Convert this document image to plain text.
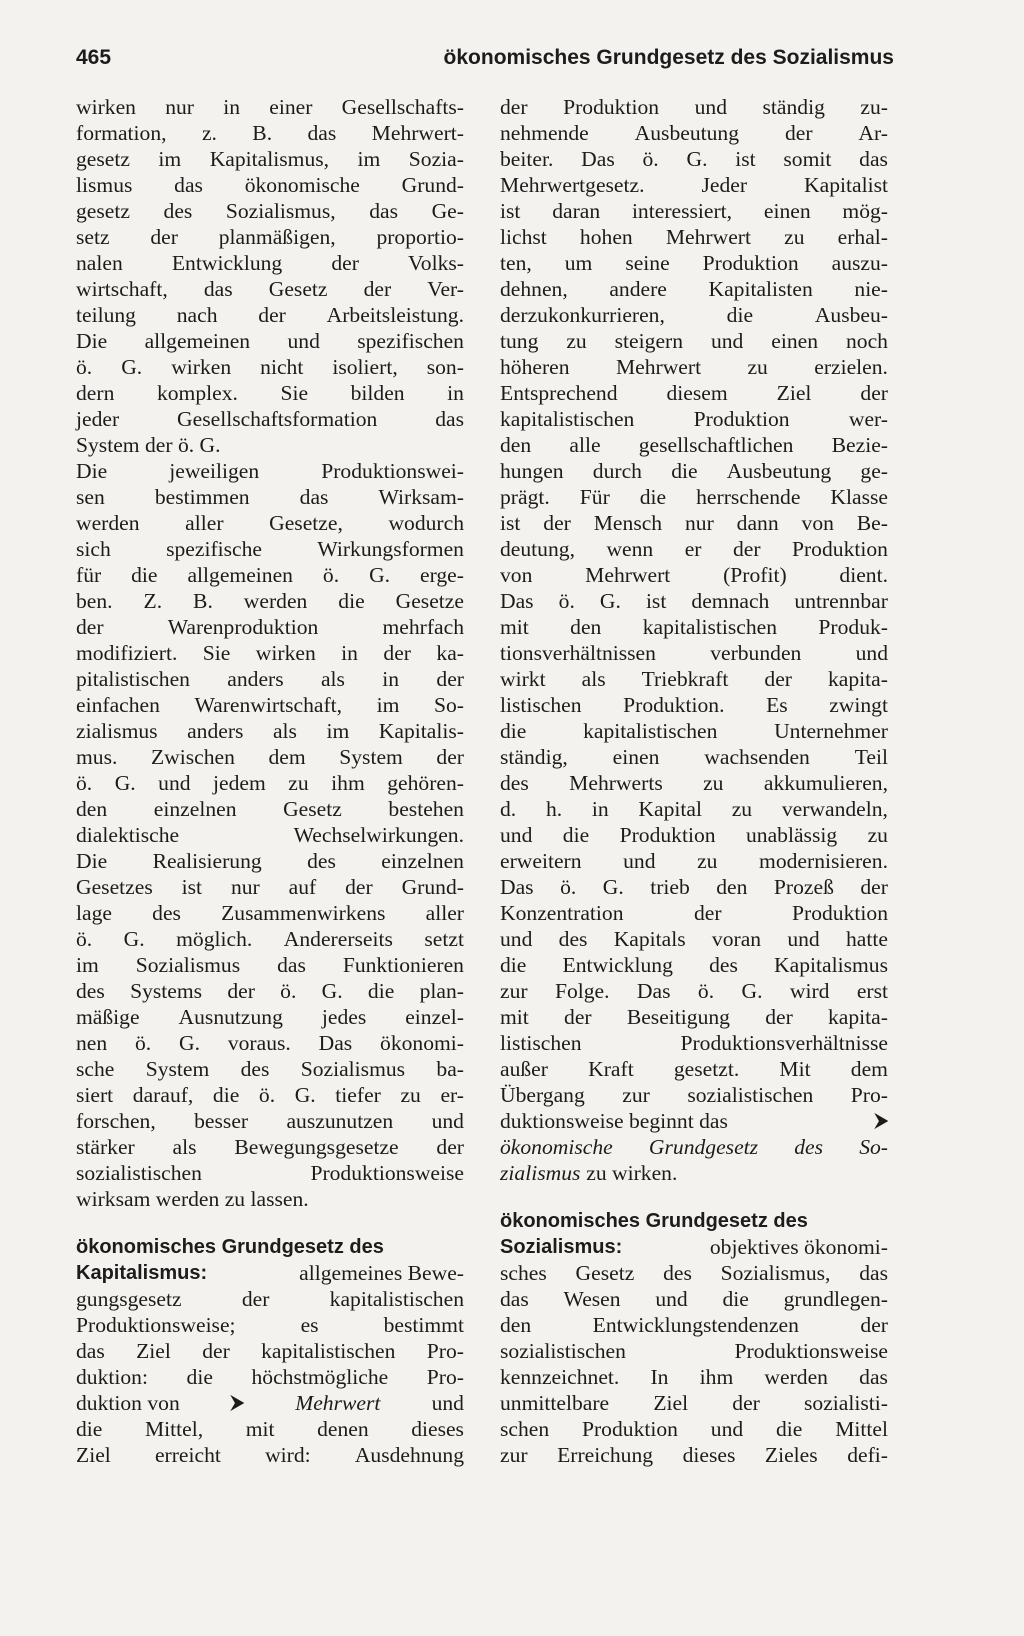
465	ökonomisches Grundgesetz des Sozialismus
wirken nur in einer Gesellschafts-
formation, z. B. das Mehrwert-
gesetz im Kapitalismus, im Sozia-
lismus das ökonomische Grund-
gesetz des Sozialismus, das Ge-
setz der planmäßigen, proportio-
nalen Entwicklung der Volks-
wirtschaft, das Gesetz der Ver-
teilung nach der Arbeitsleistung.
Die allgemeinen und spezifischen
ö. G. wirken nicht isoliert, son-
dern komplex. Sie bilden in
jeder	Gesellschaftsformation	das
System der ö. G.
Die	jeweiligen	Produktionswei-
sen bestimmen das Wirksam-
werden aller Gesetze, wodurch
sich	spezifische	Wirkungsformen
für die allgemeinen ö. G. erge-
ben. Z. B. werden die Gesetze
der	Warenproduktion	mehrfach
modifiziert. Sie wirken in der ka-
pitalistischen anders als in der
einfachen Warenwirtschaft, im So-
zialismus anders als im Kapitalis-
mus. Zwischen dem System der
ö. G. und jedem zu ihm gehören-
den einzelnen Gesetz bestehen
dialektische	Wechselwirkungen.
Die Realisierung des einzelnen
Gesetzes ist nur auf der Grund-
lage des Zusammenwirkens aller
ö. G. möglich. Andererseits setzt
im Sozialismus das Funktionieren
des Systems der ö. G. die plan-
mäßige Ausnutzung jedes einzel-
nen ö. G. voraus. Das ökonomi-
sche System des Sozialismus ba-
siert darauf, die ö. G. tiefer zu er-
forschen, besser auszunutzen und
stärker als Bewegungsgesetze der
sozialistischen	Produktionsweise
wirksam werden zu lassen.
ökonomisches Grundgesetz des
Kapitalismus:	allgemeines Bewe-
gungsgesetz	der	kapitalistischen
Produktionsweise;	es	bestimmt
das Ziel der kapitalistischen Pro-
duktion: die höchstmögliche Pro-
duktion von	⮞ Mehrwert und
die Mittel, mit denen dieses
Ziel erreicht wird: Ausdehnung
der Produktion und ständig zu-
nehmende Ausbeutung der Ar-
beiter. Das ö. G. ist somit das
Mehrwertgesetz.	Jeder	Kapitalist
ist daran interessiert, einen mög-
lichst hohen Mehrwert zu erhal-
ten, um seine Produktion auszu-
dehnen, andere Kapitalisten nie-
derzukonkurrieren,	die	Ausbeu-
tung zu steigern und einen noch
höheren Mehrwert zu erzielen.
Entsprechend diesem Ziel der
kapitalistischen	Produktion	wer-
den alle gesellschaftlichen Bezie-
hungen durch die Ausbeutung ge-
prägt. Für die herrschende Klasse
ist der Mensch nur dann von Be-
deutung, wenn er der Produktion
von Mehrwert (Profit) dient.
Das ö. G. ist demnach untrennbar
mit den kapitalistischen Produk-
tionsverhältnissen	verbunden	und
wirkt als Triebkraft der kapita-
listischen Produktion. Es zwingt
die	kapitalistischen	Unternehmer
ständig, einen wachsenden Teil
des Mehrwerts zu akkumulieren,
d. h. in Kapital zu verwandeln,
und die Produktion unablässig zu
erweitern und zu modernisieren.
Das ö. G. trieb den Prozeß der
Konzentration	der	Produktion
und des Kapitals voran und hatte
die Entwicklung des Kapitalismus
zur Folge. Das ö. G. wird erst
mit der Beseitigung der kapita-
listischen	Produktionsverhältnisse
außer Kraft gesetzt. Mit dem
Übergang zur sozialistischen Pro-
duktionsweise beginnt das	⮞
ökonomische Grundgesetz des So-
zialismus zu wirken.
ökonomisches Grundgesetz des
Sozialismus:	objektives ökonomi-
sches Gesetz des Sozialismus, das
das Wesen und die grundlegen-
den	Entwicklungstendenzen	der
sozialistischen	Produktionsweise
kennzeichnet. In ihm werden das
unmittelbare Ziel der sozialisti-
schen Produktion und die Mittel
zur Erreichung dieses Zieles defi-
